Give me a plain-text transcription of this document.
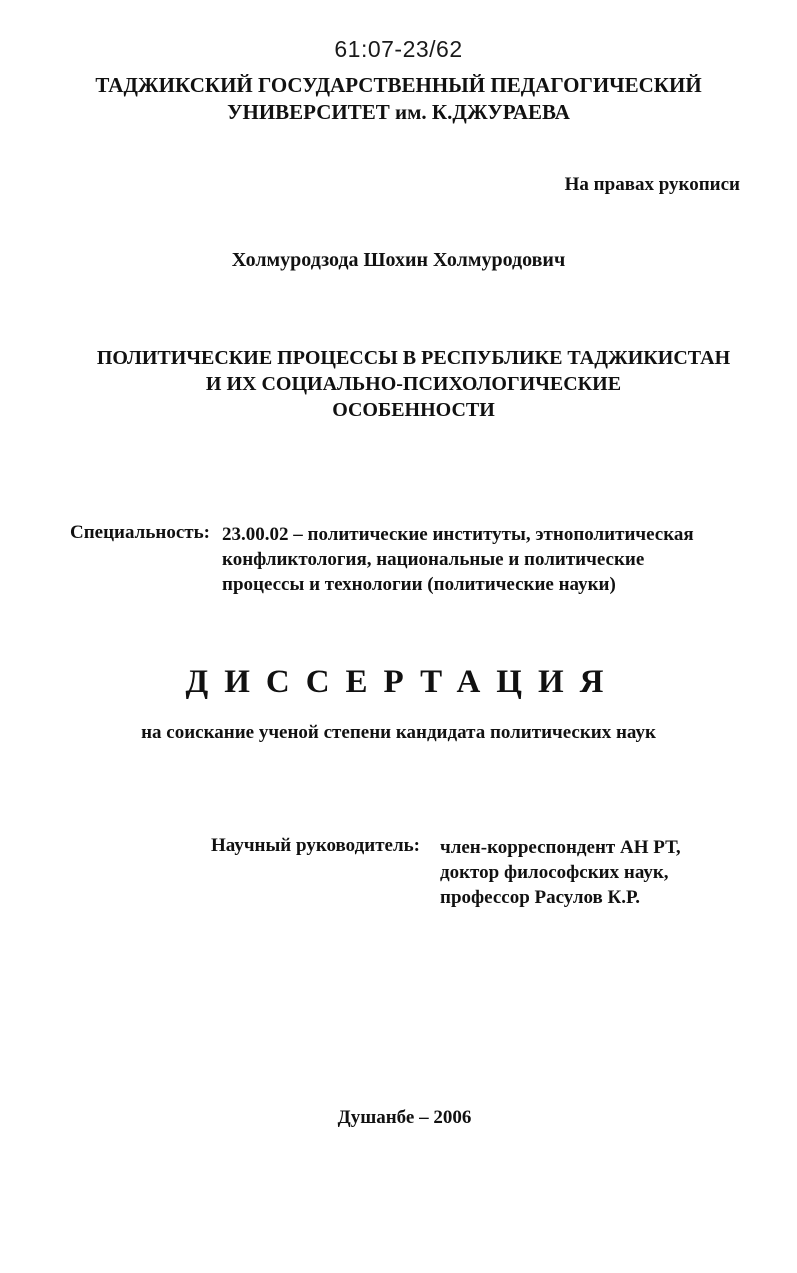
61:07-23/62
ТАДЖИКСКИЙ ГОСУДАРСТВЕННЫЙ ПЕДАГОГИЧЕСКИЙ
УНИВЕРСИТЕТ им. К.ДЖУРАЕВА
На правах рукописи
Холмуродзода Шохин Холмуродович
ПОЛИТИЧЕСКИЕ ПРОЦЕССЫ В РЕСПУБЛИКЕ ТАДЖИКИСТАН
И ИХ СОЦИАЛЬНО-ПСИХОЛОГИЧЕСКИЕ
ОСОБЕННОСТИ
Специальность: 23.00.02 – политические институты, этнополитическая
конфликтология, национальные и политические
процессы и технологии (политические науки)
ДИССЕРТАЦИЯ
на соискание ученой степени кандидата политических наук
Научный руководитель: член-корреспондент АН РТ,
доктор философских наук,
профессор Расулов К.Р.
Душанбе – 2006
